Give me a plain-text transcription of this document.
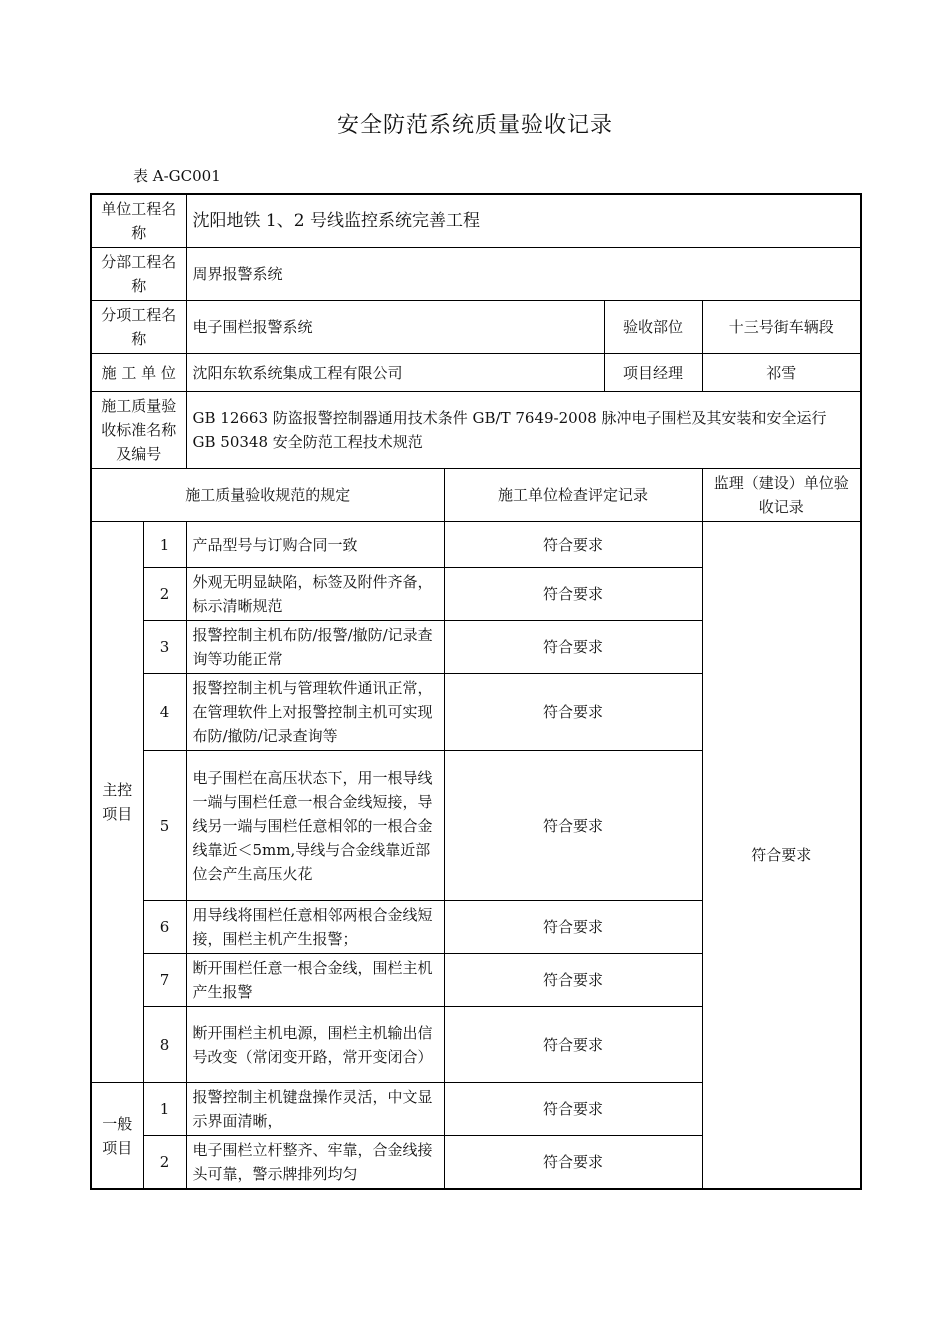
安全防范系统质量验收记录
表 A-GC001
单位工程名称		沈阳地铁 1、2 号线监控系统完善工程			
分部工程名称		周界报警系统			
分项工程名称		电子围栏报警系统		验收部位	十三号街车辆段
施 工 单 位		沈阳东软系统集成工程有限公司		项目经理	祁雪
施工质量验收标准名称及编号		GB 12663 防盗报警控制器通用技术条件 GB/T 7649-2008 脉冲电子围栏及其安装和安全运行 GB 50348 安全防范工程技术规范			
施工质量验收规范的规定			施工单位检查评定记录		监理（建设）单位验收记录
主控项目	1	产品型号与订购合同一致	符合要求		符合要求
	2	外观无明显缺陷，标签及附件齐备，标示清晰规范	符合要求		
	3	报警控制主机布防/报警/撤防/记录查询等功能正常	符合要求		
	4	报警控制主机与管理软件通讯正常，在管理软件上对报警控制主机可实现布防/撤防/记录查询等	符合要求		
	5	电子围栏在高压状态下，用一根导线一端与围栏任意一根合金线短接，导线另一端与围栏任意相邻的一根合金线靠近＜5mm,导线与合金线靠近部位会产生高压火花	符合要求		
	6	用导线将围栏任意相邻两根合金线短接，围栏主机产生报警；	符合要求		
	7	断开围栏任意一根合金线，围栏主机产生报警	符合要求		
	8	断开围栏主机电源，围栏主机输出信号改变（常闭变开路，常开变闭合）	符合要求		
一般项目	1	报警控制主机键盘操作灵活，中文显示界面清晰，	符合要求		
	2	电子围栏立杆整齐、牢靠，合金线接头可靠，警示牌排列均匀	符合要求		
